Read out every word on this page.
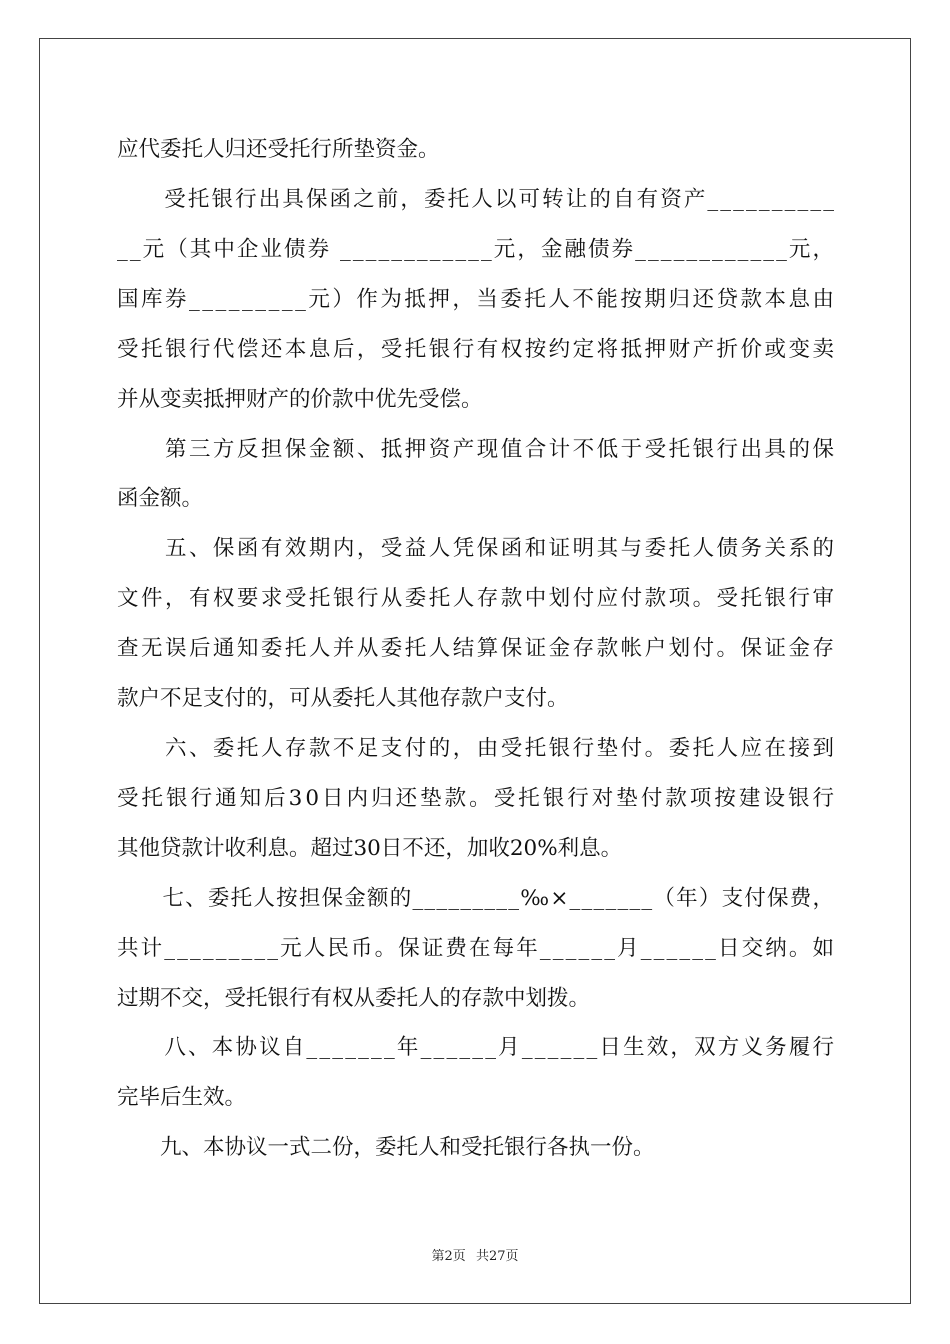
应代委托人归还受托行所垫资金。
　　受托银行出具保函之前，委托人以可转让的自有资产__________
__元（其中企业债券 ____________元，金融债券____________元，
国库券_________元）作为抵押，当委托人不能按期归还贷款本息由
受托银行代偿还本息后，受托银行有权按约定将抵押财产折价或变卖
并从变卖抵押财产的价款中优先受偿。
　　第三方反担保金额、抵押资产现值合计不低于受托银行出具的保
函金额。
　　五、保函有效期内，受益人凭保函和证明其与委托人债务关系的
文件，有权要求受托银行从委托人存款中划付应付款项。受托银行审
查无误后通知委托人并从委托人结算保证金存款帐户划付。保证金存
款户不足支付的，可从委托人其他存款户支付。
　　六、委托人存款不足支付的，由受托银行垫付。委托人应在接到
受托银行通知后30日内归还垫款。受托银行对垫付款项按建设银行
其他贷款计收利息。超过30日不还，加收20%利息。
　　七、委托人按担保金额的_________‰×_______（年）支付保费，
共计_________元人民币。保证费在每年______月______日交纳。如
过期不交，受托银行有权从委托人的存款中划拨。
　　八、本协议自_______年______月______日生效，双方义务履行
完毕后生效。
　　九、本协议一式二份，委托人和受托银行各执一份。
第2页 共27页
